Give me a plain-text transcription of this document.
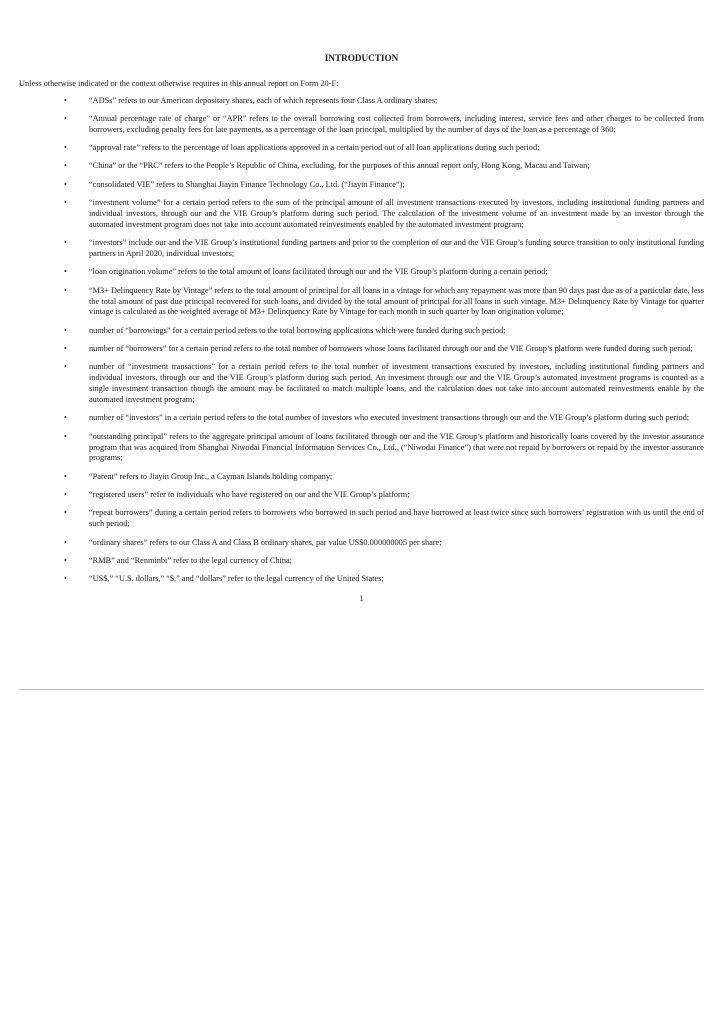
INTRODUCTION
Unless otherwise indicated or the context otherwise requires in this annual report on Form 20-F:
•	“ADSs” refers to our American depositary shares, each of which represents four Class A ordinary shares;
•	“Annual percentage rate of charge” or “APR” refers to the overall borrowing cost collected from borrowers, including interest, service fees and other charges to be collected from borrowers, excluding penalty fees for late payments, as a percentage of the loan principal, multiplied by the number of days of the loan as a percentage of 360;
•	“approval rate” refers to the percentage of loan applications approved in a certain period out of all loan applications during such period;
•	“China” or the “PRC” refers to the People’s Republic of China, excluding, for the purposes of this annual report only, Hong Kong, Macau and Taiwan;
•	“consolidated VIE” refers to Shanghai Jiayin Finance Technology Co., Ltd. (“Jiayin Finance”);
•	“investment volume” for a certain period refers to the sum of the principal amount of all investment transactions executed by investors, including institutional funding partners and individual investors, through our and the VIE Group’s platform during such period. The calculation of the investment volume of an investment made by an investor through the automated investment program does not take into account automated reinvestments enabled by the automated investment program;
•	“investors” include our and the VIE Group’s institutional funding partners and prior to the completion of our and the VIE Group’s funding source transition to only institutional funding partners in April 2020, individual investors;
•	“loan origination volume” refers to the total amount of loans facilitated through our and the VIE Group’s platform during a certain period;
•	“M3+ Delinquency Rate by Vintage” refers to the total amount of principal for all loans in a vintage for which any repayment was more than 90 days past due as of a particular date, less the total amount of past due principal recovered for such loans, and divided by the total amount of principal for all loans in such vintage. M3+ Delinquency Rate by Vintage for quarter vintage is calculated as the weighted average of M3+ Delinquency Rate by Vintage for each month in such quarter by loan origination volume;
•	number of “borrowings” for a certain period refers to the total borrowing applications which were funded during such period;
•	number of “borrowers” for a certain period refers to the total number of borrowers whose loans facilitated through our and the VIE Group’s platform were funded during such period;
•	number of “investment transactions” for a certain period refers to the total number of investment transactions executed by investors, including institutional funding partners and individual investors, through our and the VIE Group’s platform during such period. An investment through our and the VIE Group’s automated investment programs is counted as a single investment transaction though the amount may be facilitated to match multiple loans, and the calculation does not take into account automated reinvestments enable by the automated investment program;
•	number of “investors” in a certain period refers to the total number of investors who executed investment transactions through our and the VIE Group’s platform during such period;
•	“outstanding principal” refers to the aggregate principal amount of loans facilitated through our and the VIE Group’s platform and historically loans covered by the investor assurance program that was acquired from Shanghai Niwodai Financial Information Services Co., Ltd., (“Niwodai Finance”) that were not repaid by borrowers or repaid by the investor assurance programs;
•	“Parent” refers to Jiayin Group Inc., a Cayman Islands holding company;
•	“registered users” refer to individuals who have registered on our and the VIE Group’s platform;
•	“repeat borrowers” during a certain period refers to borrowers who borrowed in such period and have borrowed at least twice since such borrowers’ registration with us until the end of such period;
•	“ordinary shares” refers to our Class A and Class B ordinary shares, par value US$0.000000005 per share;
•	“RMB” and “Renminbi” refer to the legal currency of China;
•	“US$,” “U.S. dollars,” “$,” and “dollars” refer to the legal currency of the United States;
1
